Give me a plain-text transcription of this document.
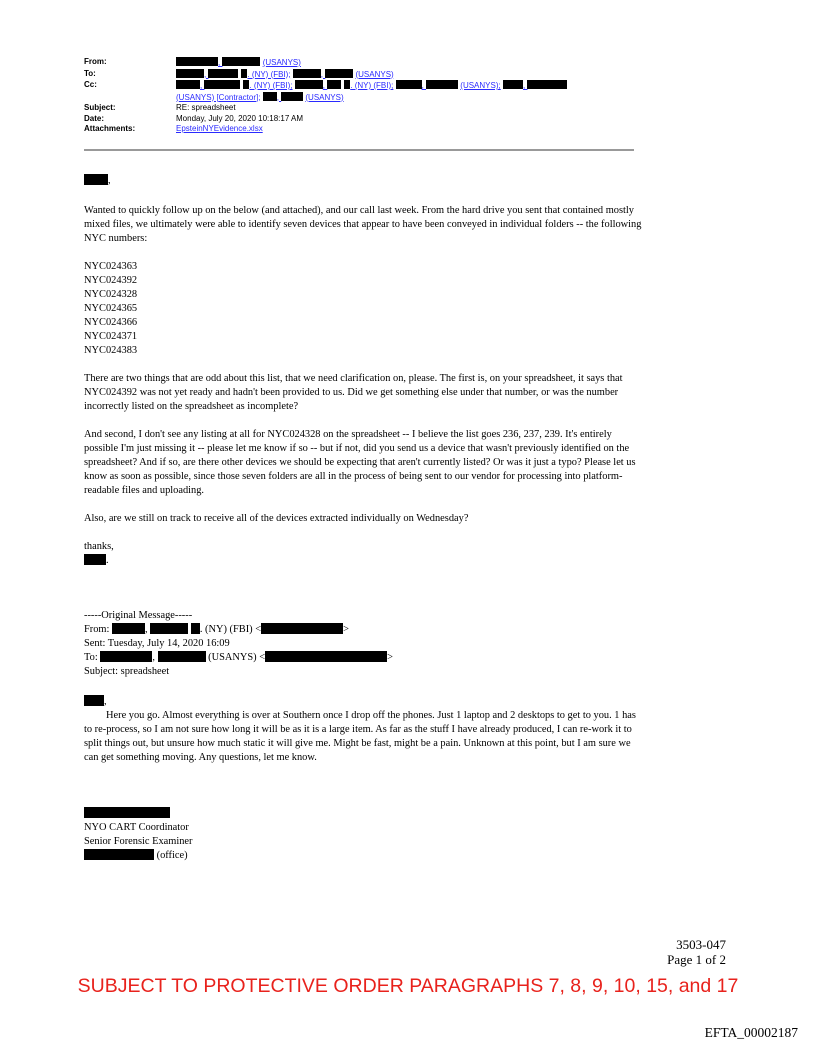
From:	,	(USANYS)
To:	,	. (NY) (FBI);	,	(USANYS)
Cc:	,	. (NY) (FBI);	,	. (NY) (FBI);	,	(USANYS);	,
(USANYS) [Contractor]; ,	(USANYS)
Subject:	RE: spreadsheet
Date:	Monday, July 20, 2020 10:18:17 AM
Attachments:	EpsteinNYEvidence.xlsx

,

Wanted to quickly follow up on the below (and attached), and our call last week. From the hard drive you sent that contained mostly mixed files, we ultimately were able to identify seven devices that appear to have been conveyed in individual folders -- the following NYC numbers:

NYC024363
NYC024392
NYC024328
NYC024365
NYC024366
NYC024371
NYC024383

There are two things that are odd about this list, that we need clarification on, please. The first is, on your spreadsheet, it says that NYC024392 was not yet ready and hadn't been provided to us. Did we get something else under that number, or was the number incorrectly listed on the spreadsheet as incomplete?

And second, I don't see any listing at all for NYC024328 on the spreadsheet -- I believe the list goes 236, 237, 239. It's entirely possible I'm just missing it -- please let me know if so -- but if not, did you send us a device that wasn't previously identified on the spreadsheet? And if so, are there other devices we should be expecting that aren't currently listed? Or was it just a typo? Please let us know as soon as possible, since those seven folders are all in the process of being sent to our vendor for processing into platform-readable files and uploading.

Also, are we still on track to receive all of the devices extracted individually on Wednesday?

thanks,

.

-----Original Message-----

From:	,	. (NY) (FBI) <	>

Sent: Tuesday, July 14, 2020 16:09

To:	,	(USANYS) <	>

Subject: spreadsheet

,

Here you go. Almost everything is over at Southern once I drop off the phones. Just 1 laptop and 2 desktops to get to you. 1 has to re-process, so I am not sure how long it will be as it is a large item. As far as the stuff I have already produced, I can re-work it to split things out, but unsure how much static it will give me. Might be fast, might be a pain. Unknown at this point, but I am sure we can get something moving. Any questions, let me know.

NYO CART Coordinator
Senior Forensic Examiner
(office)
3503-047
Page 1 of 2
SUBJECT TO PROTECTIVE ORDER PARAGRAPHS 7, 8, 9, 10, 15, and 17
EFTA_00002187
